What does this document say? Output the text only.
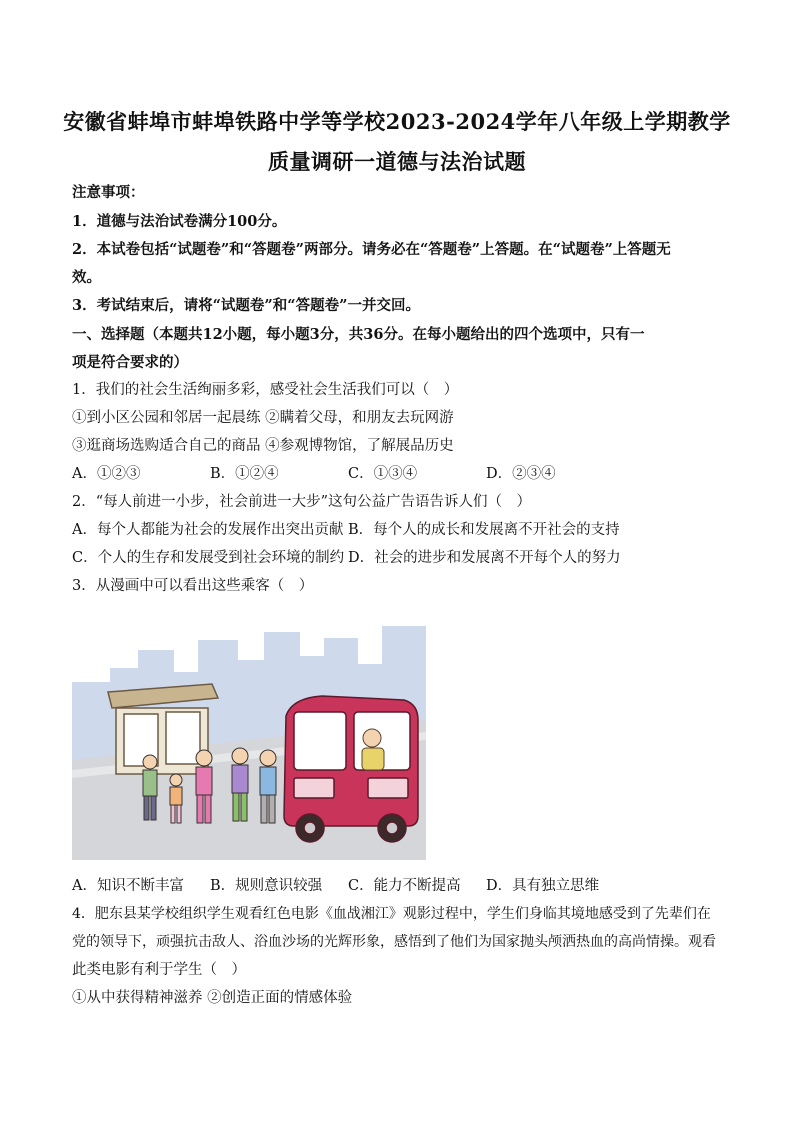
安徽省蚌埠市蚌埠铁路中学等学校2023-2024学年八年级上学期教学
质量调研一道德与法治试题
注意事项：
1．道德与法治试卷满分100分。
2．本试卷包括“试题卷”和“答题卷”两部分。请务必在“答题卷”上答题。在“试题卷”上答题无
效。
3．考试结束后，请将“试题卷”和“答题卷”一并交回。
一、选择题（本题共12小题，每小题3分，共36分。在每小题给出的四个选项中，只有一
项是符合要求的）
1．我们的社会生活绚丽多彩，感受社会生活我们可以（　）
①到小区公园和邻居一起晨练 ②瞒着父母，和朋友去玩网游
③逛商场选购适合自己的商品 ④参观博物馆，了解展品历史
A．①②③	B．①②④	C．①③④	D．②③④
2．“每人前进一小步，社会前进一大步”这句公益广告语告诉人们（　）
A．每个人都能为社会的发展作出突出贡献 B．每个人的成长和发展离不开社会的支持
C．个人的生存和发展受到社会环境的制约 D．社会的进步和发展离不开每个人的努力
3．从漫画中可以看出这些乘客（　）
A．知识不断丰富 B．规则意识较强 C．能力不断提高 D．具有独立思维
4．肥东县某学校组织学生观看红色电影《血战湘江》观影过程中，学生们身临其境地感受到了先辈们在
党的领导下，顽强抗击敌人、浴血沙场的光辉形象，感悟到了他们为国家抛头颅洒热血的高尚情操。观看
此类电影有利于学生（　）
①从中获得精神滋养 ②创造正面的情感体验
